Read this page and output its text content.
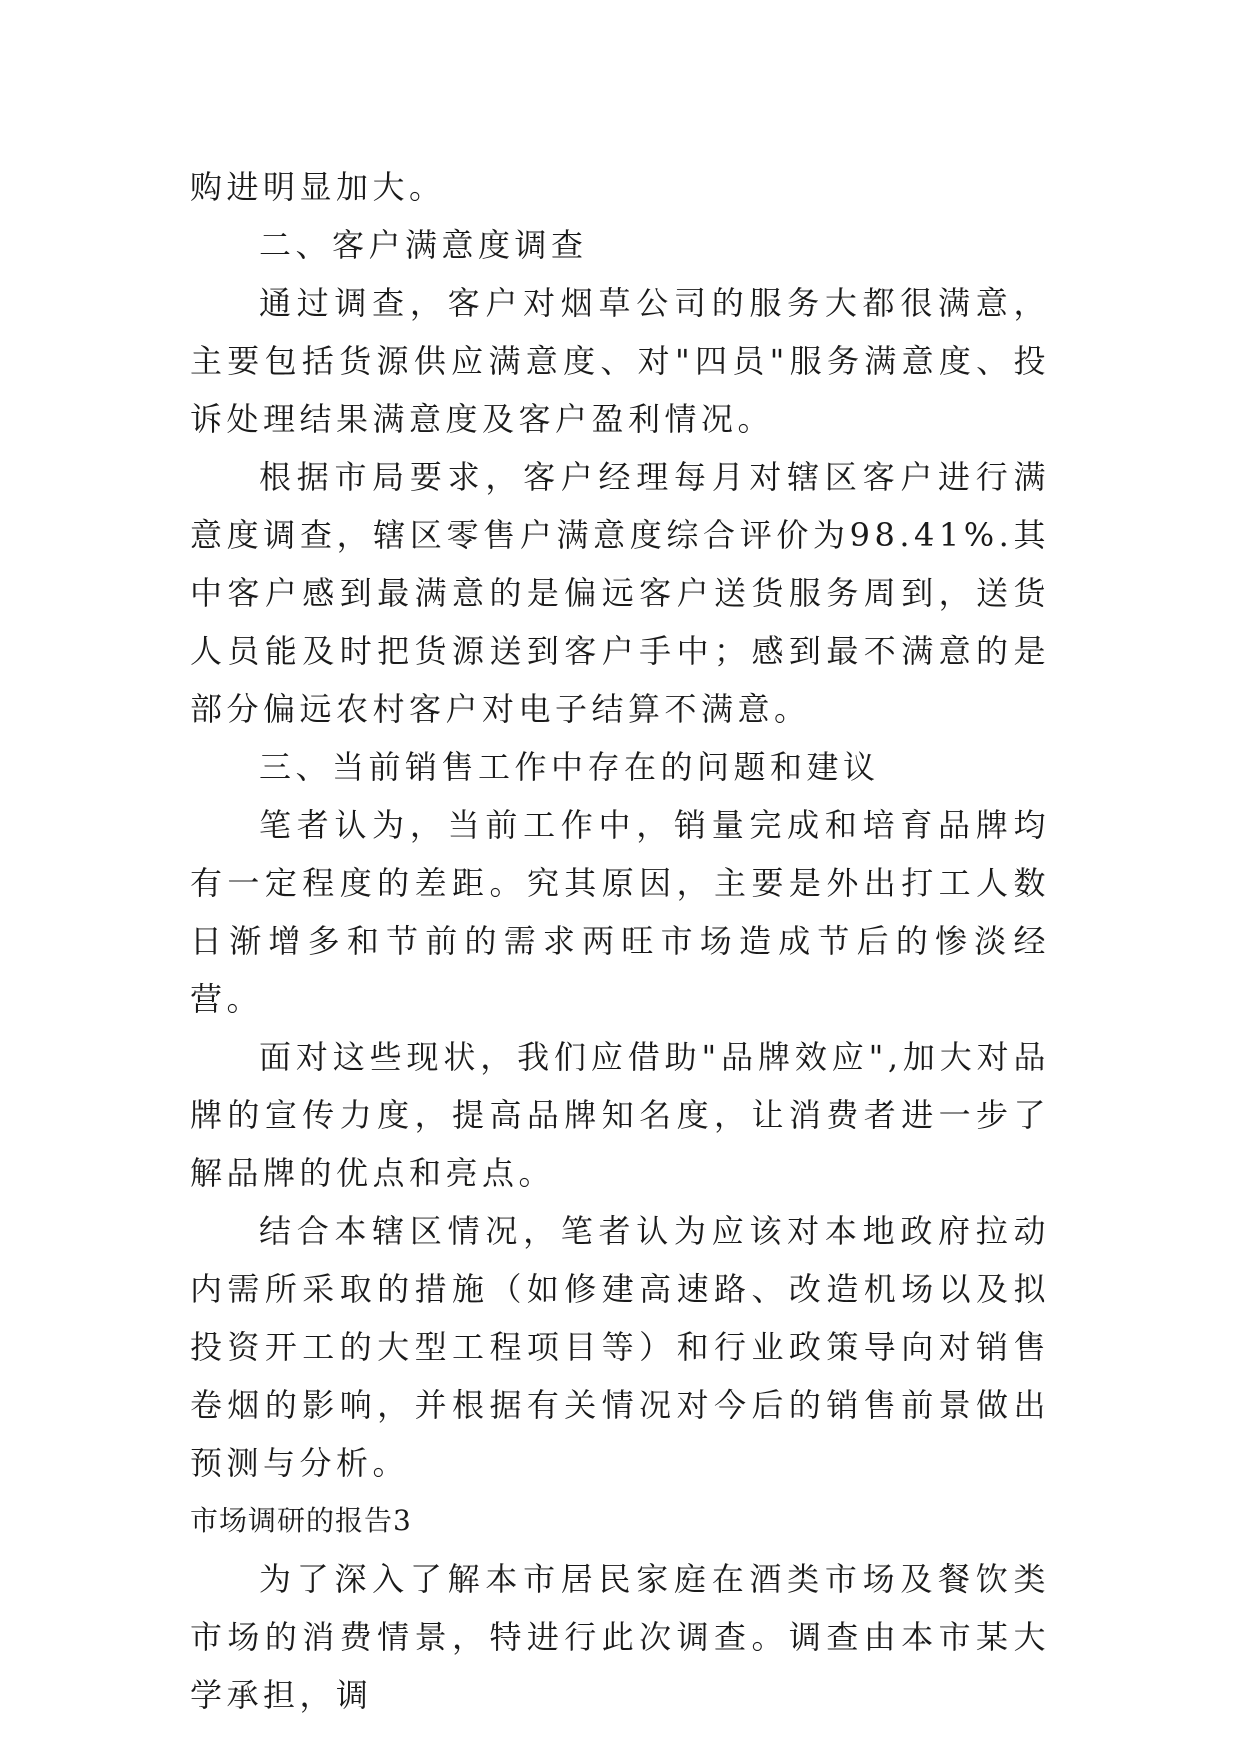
购进明显加大。

二、客户满意度调查

通过调查，客户对烟草公司的服务大都很满意，主要包括货源供应满意度、对"四员"服务满意度、投诉处理结果满意度及客户盈利情况。

根据市局要求，客户经理每月对辖区客户进行满意度调查，辖区零售户满意度综合评价为98.41%.其中客户感到最满意的是偏远客户送货服务周到，送货人员能及时把货源送到客户手中；感到最不满意的是部分偏远农村客户对电子结算不满意。

三、当前销售工作中存在的问题和建议

笔者认为，当前工作中，销量完成和培育品牌均有一定程度的差距。究其原因，主要是外出打工人数日渐增多和节前的需求两旺市场造成节后的惨淡经营。

面对这些现状，我们应借助"品牌效应",加大对品牌的宣传力度，提高品牌知名度，让消费者进一步了解品牌的优点和亮点。

结合本辖区情况，笔者认为应该对本地政府拉动内需所采取的措施（如修建高速路、改造机场以及拟投资开工的大型工程项目等）和行业政策导向对销售卷烟的影响，并根据有关情况对今后的销售前景做出预测与分析。

市场调研的报告3

为了深入了解本市居民家庭在酒类市场及餐饮类市场的消费情景，特进行此次调查。调查由本市某大学承担，调
